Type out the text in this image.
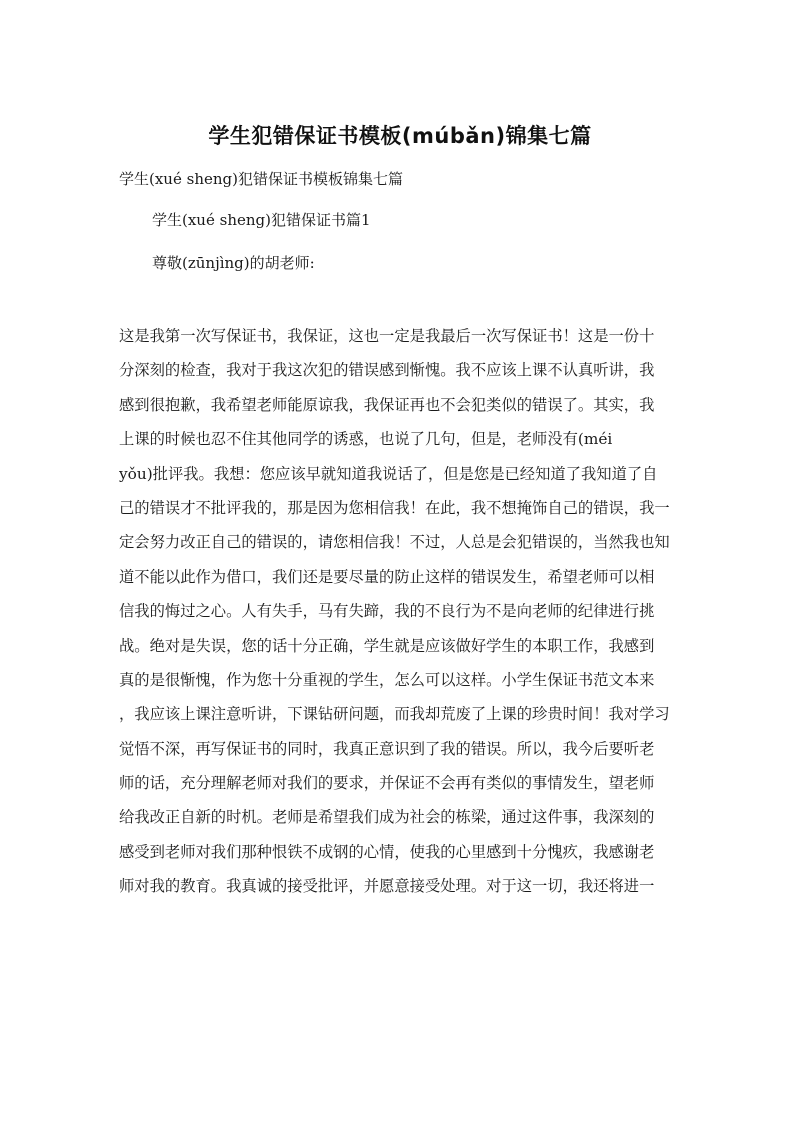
学生犯错保证书模板(múbǎn)锦集七篇
学生(xué sheng)犯错保证书模板锦集七篇
学生(xué sheng)犯错保证书篇1
尊敬(zūnjìng)的胡老师:
这是我第一次写保证书，我保证，这也一定是我最后一次写保证书！这是一份十
分深刻的检查，我对于我这次犯的错误感到惭愧。我不应该上课不认真听讲，我
感到很抱歉，我希望老师能原谅我，我保证再也不会犯类似的错误了。其实，我
上课的时候也忍不住其他同学的诱惑，也说了几句，但是，老师没有(méi
yǒu)批评我。我想：您应该早就知道我说话了，但是您是已经知道了我知道了自
己的错误才不批评我的，那是因为您相信我！在此，我不想掩饰自己的错误，我一
定会努力改正自己的错误的，请您相信我！不过，人总是会犯错误的，当然我也知
道不能以此作为借口，我们还是要尽量的防止这样的错误发生，希望老师可以相
信我的悔过之心。人有失手，马有失蹄，我的不良行为不是向老师的纪律进行挑
战。绝对是失误，您的话十分正确，学生就是应该做好学生的本职工作，我感到
真的是很惭愧，作为您十分重视的学生，怎么可以这样。小学生保证书范文本来
，我应该上课注意听讲，下课钻研问题，而我却荒废了上课的珍贵时间！我对学习
觉悟不深，再写保证书的同时，我真正意识到了我的错误。所以，我今后要听老
师的话，充分理解老师对我们的要求，并保证不会再有类似的事情发生，望老师
给我改正自新的时机。老师是希望我们成为社会的栋梁，通过这件事，我深刻的
感受到老师对我们那种恨铁不成钢的心情，使我的心里感到十分愧疚，我感谢老
师对我的教育。我真诚的接受批评，并愿意接受处理。对于这一切，我还将进一
